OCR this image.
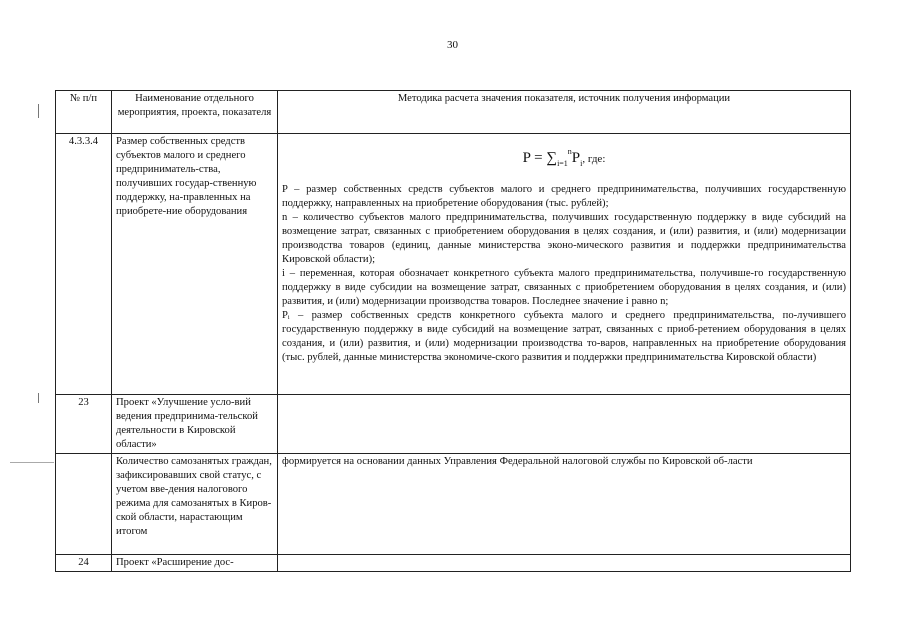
30
№ п/п	Наименование отдельного мероприятия, проекта, показателя	Методика расчета значения показателя, источник получения информации
4.3.3.4	Размер собственных средств субъектов малого и среднего предприниматель-ства, получивших государ-ственную поддержку, на-правленных на приобрете-ние оборудования	$P = \sum_{i=1}^nP_i$, где:

P – размер собственных средств субъектов малого и среднего предпринимательства, получивших государственную поддержку, направленных на приобретение оборудования (тыс. рублей);

n – количество субъектов малого предпринимательства, получивших государственную поддержку в виде субсидий на возмещение затрат, связанных с приобретением оборудования в целях создания, и (или) развития, и (или) модернизации производства товаров (единиц, данные министерства эконо-мического развития и поддержки предпринимательства Кировской области);

i – переменная, которая обозначает конкретного субъекта малого предпринимательства, получивше-го государственную поддержку в виде субсидии на возмещение затрат, связанных с приобретением оборудования в целях создания, и (или) развития, и (или) модернизации производства товаров. Последнее значение i равно n;

Pᵢ – размер собственных средств конкретного субъекта малого и среднего предпринимательства, по-лучившего государственную поддержку в виде субсидий на возмещение затрат, связанных с приоб-ретением оборудования в целях создания, и (или) развития, и (или) модернизации производства то-варов, направленных на приобретение оборудования (тыс. рублей, данные министерства экономиче-ского развития и поддержки предпринимательства Кировской области)

23	Проект «Улучшение усло-вий ведения предпринима-тельской деятельности в Кировской области»	
	Количество самозанятых граждан, зафиксировавших свой статус, с учетом вве-дения налогового режима для самозанятых в Киров-ской области, нарастающим итогом	формируется на основании данных Управления Федеральной налоговой службы по Кировской об-ласти
24	Проект «Расширение дос-	
